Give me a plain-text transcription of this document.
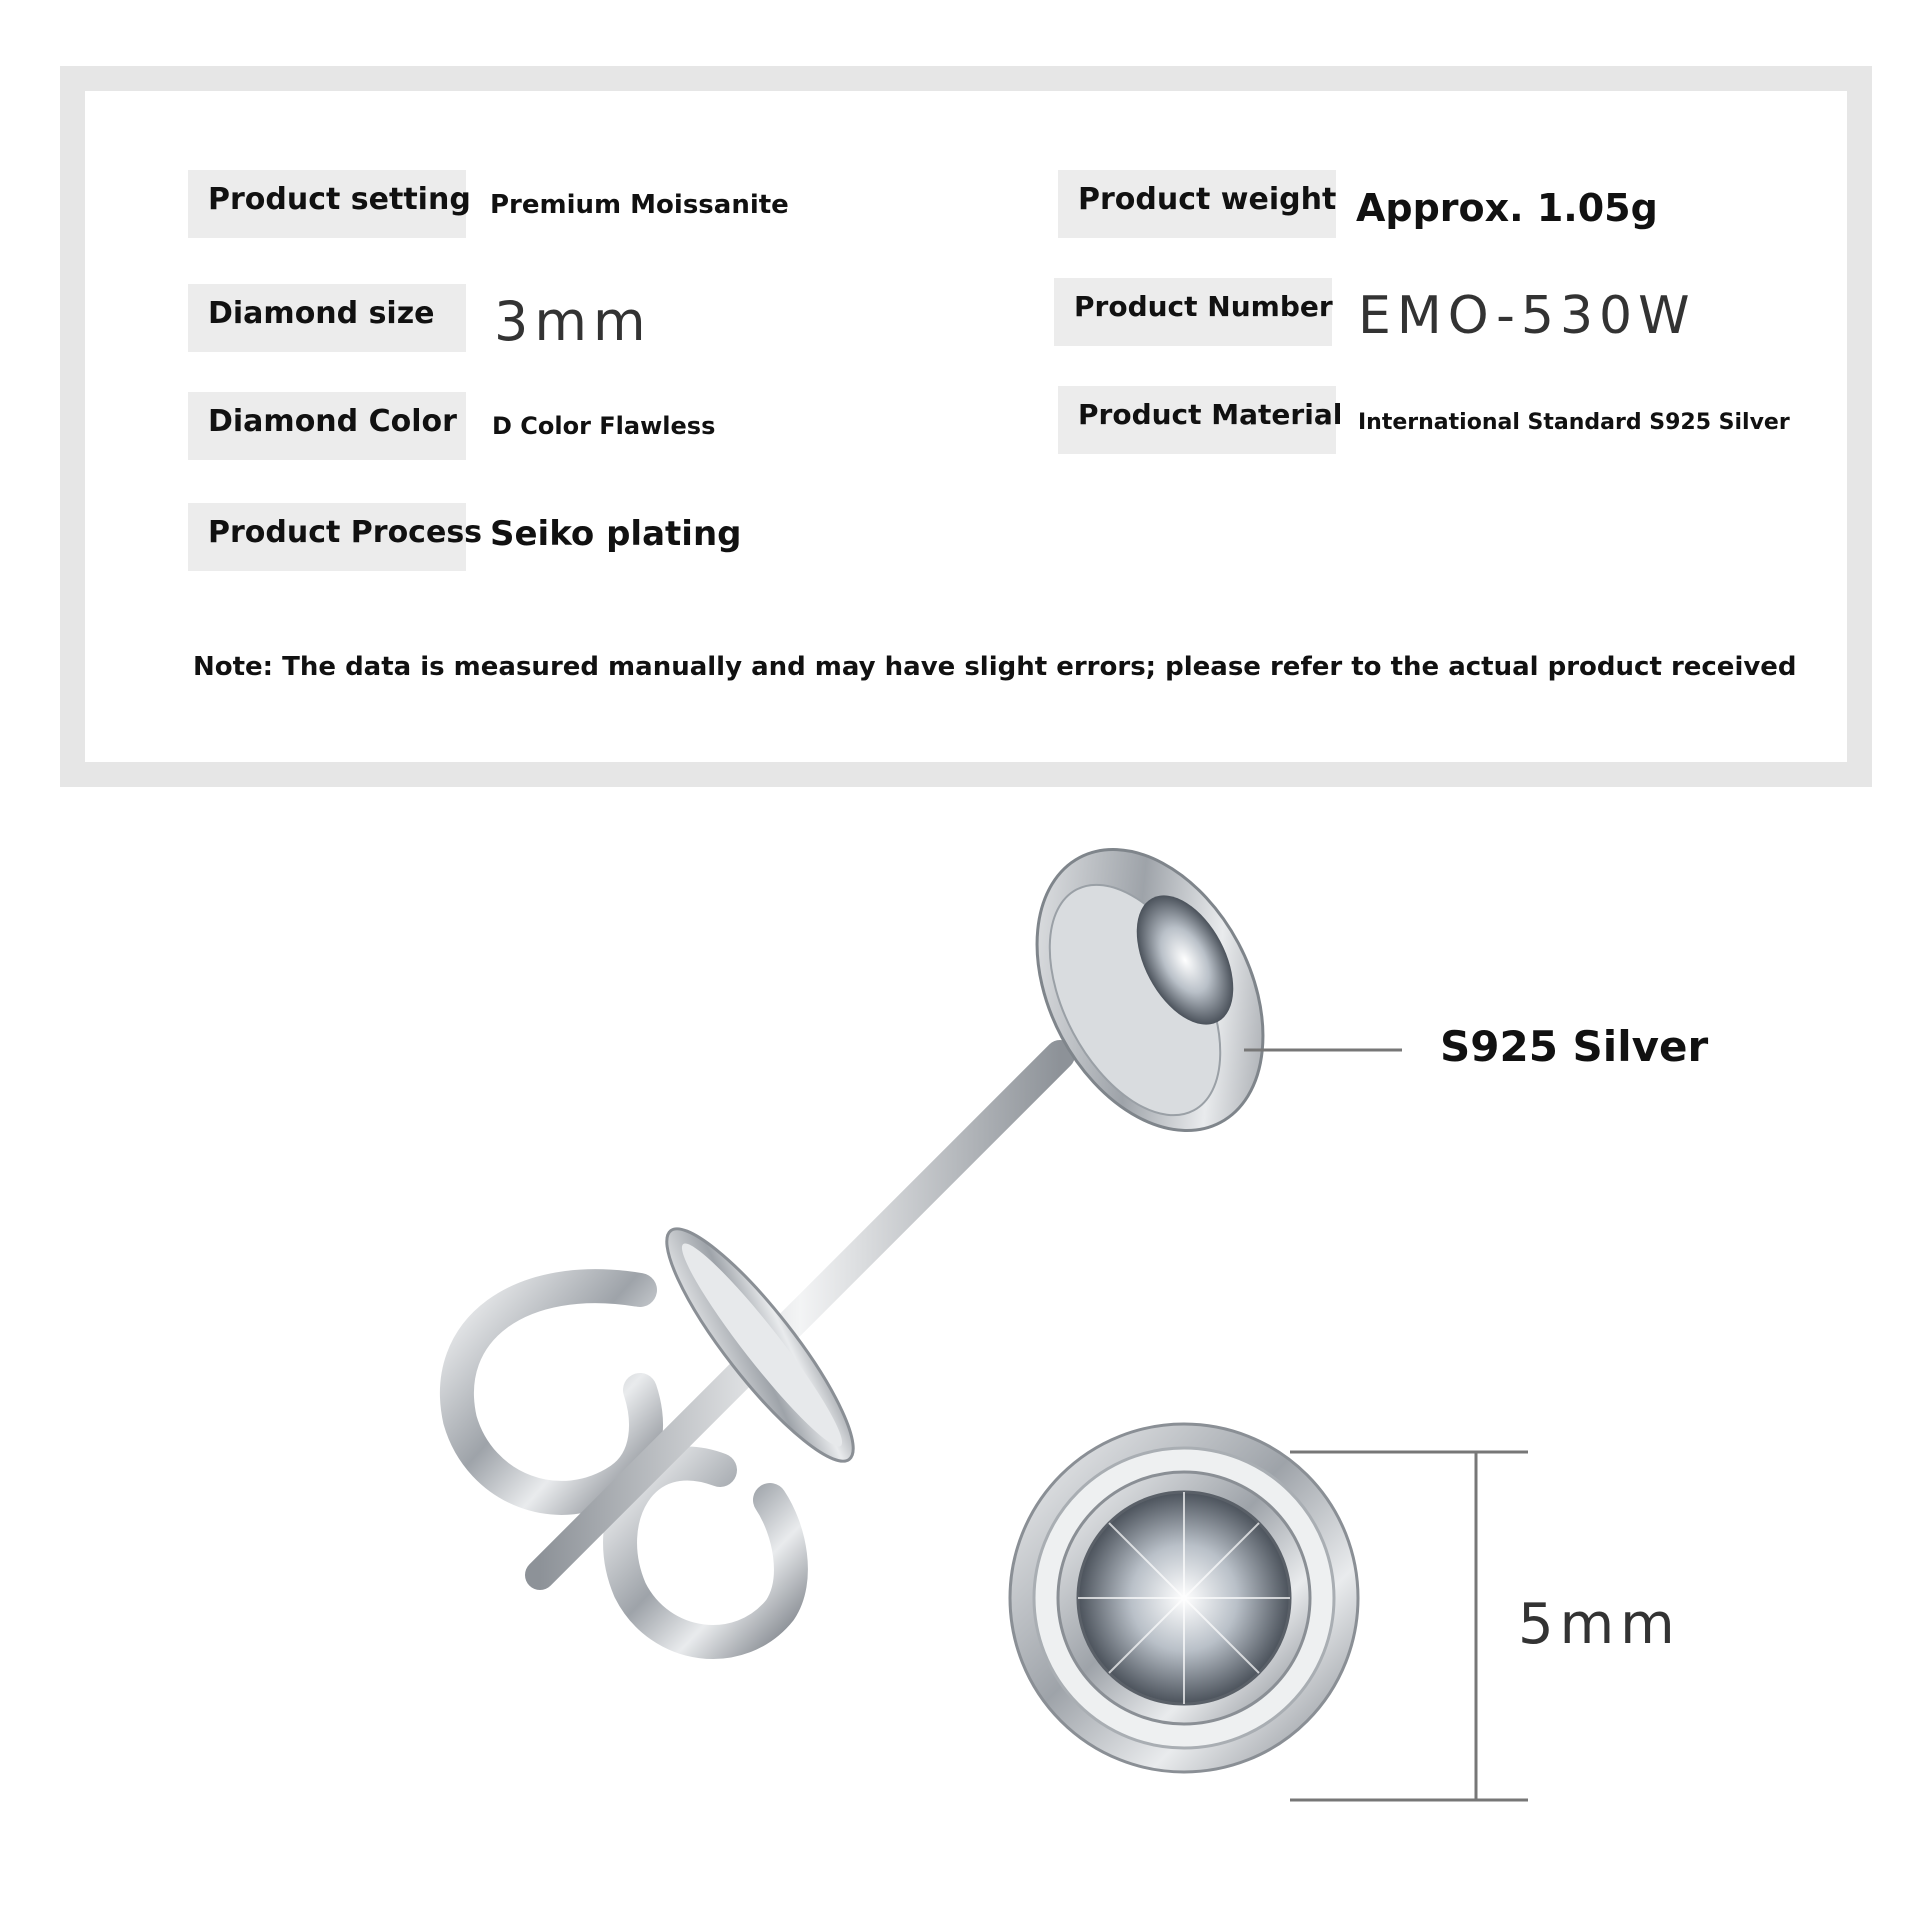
Product setting Premium Moissanite
Diamond size	3mm
Diamond Color	D Color Flawless
Product Process Seiko plating
Product weight Approx. 1.05g
Product Number EMO-530W
Product Material International Standard S925 Silver
Note: The data is measured manually and may have slight errors; please refer to the actual product received
S925 Silver
5mm
